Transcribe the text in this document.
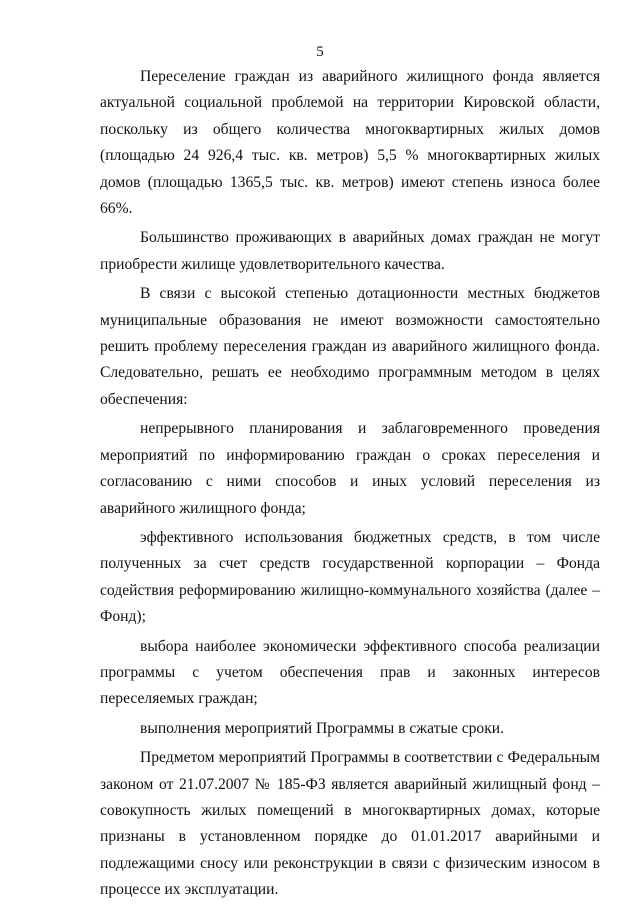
5

Переселение граждан из аварийного жилищного фонда является актуальной социальной проблемой на территории Кировской области, поскольку из общего количества многоквартирных жилых домов (площадью 24 926,4 тыс. кв. метров) 5,5 % многоквартирных жилых домов (площадью 1365,5 тыс. кв. метров) имеют степень износа более 66%.

Большинство проживающих в аварийных домах граждан не могут приобрести жилище удовлетворительного качества.

В связи с высокой степенью дотационности местных бюджетов муниципальные образования не имеют возможности самостоятельно решить проблему переселения граждан из аварийного жилищного фонда. Следовательно, решать ее необходимо программным методом в целях обеспечения:

непрерывного планирования и заблаговременного проведения мероприятий по информированию граждан о сроках переселения и согласованию с ними способов и иных условий переселения из аварийного жилищного фонда;

эффективного использования бюджетных средств, в том числе полученных за счет средств государственной корпорации – Фонда содействия реформированию жилищно-коммунального хозяйства (далее – Фонд);

выбора наиболее экономически эффективного способа реализации программы с учетом обеспечения прав и законных интересов переселяемых граждан;

выполнения мероприятий Программы в сжатые сроки.

Предметом мероприятий Программы в соответствии с Федеральным законом от 21.07.2007 № 185-ФЗ является аварийный жилищный фонд – совокупность жилых помещений в многоквартирных домах, которые признаны в установленном порядке до 01.01.2017 аварийными и подлежащими сносу или реконструкции в связи с физическим износом в процессе их эксплуатации.
